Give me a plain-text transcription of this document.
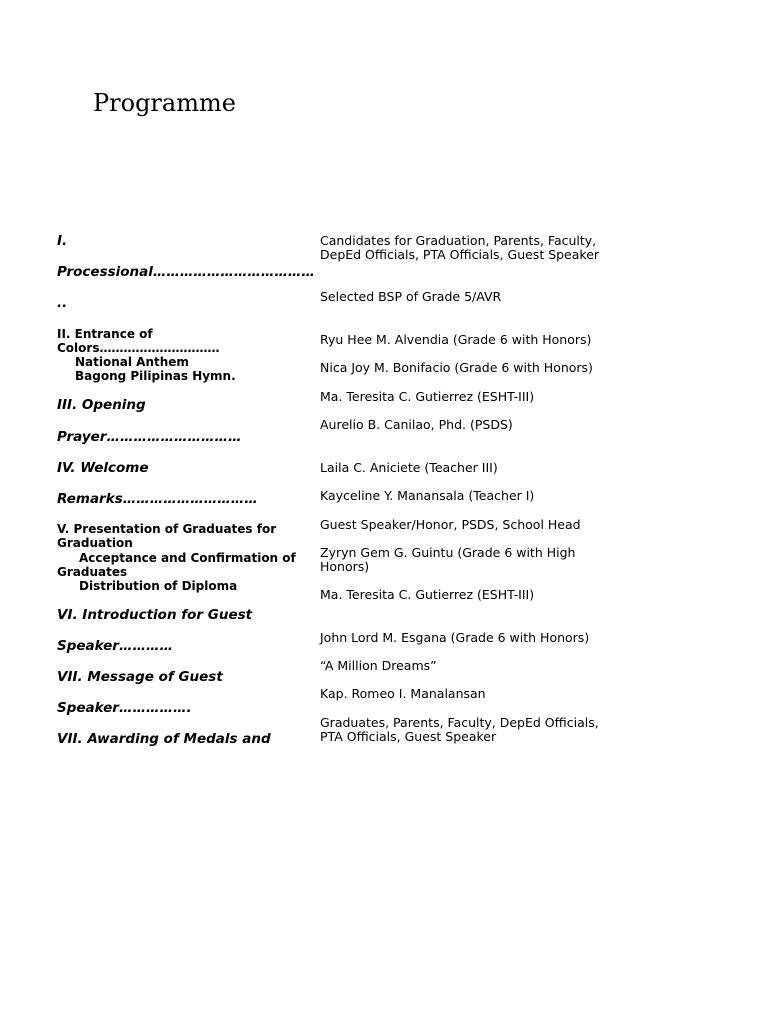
Programme
I.
Processional………………………………
..
II. Entrance of
Colors…………………………
National Anthem
Bagong Pilipinas Hymn.
III. Opening
Prayer…………………………
IV. Welcome
Remarks…………………………
V. Presentation of Graduates for
Graduation
Acceptance and Confirmation of
Graduates
Distribution of Diploma
VI. Introduction for Guest
Speaker…………
VII. Message of Guest
Speaker…………….
VII. Awarding of Medals and
Candidates for Graduation, Parents, Faculty, DepEd Officials, PTA Officials, Guest Speaker
Selected BSP of Grade 5/AVR
Ryu Hee M. Alvendia (Grade 6 with Honors)
Nica Joy M. Bonifacio (Grade 6 with Honors)
Ma. Teresita C. Gutierrez (ESHT-III)
Aurelio B. Canilao, Phd. (PSDS)
Laila C. Aniciete (Teacher III)
Kayceline Y. Manansala (Teacher I)
Guest Speaker/Honor, PSDS, School Head
Zyryn Gem G. Guintu (Grade 6 with High Honors)
Ma. Teresita C. Gutierrez (ESHT-III)
John Lord M. Esgana (Grade 6 with Honors)
“A Million Dreams”
Kap. Romeo I. Manalansan
Graduates, Parents, Faculty, DepEd Officials, PTA Officials, Guest Speaker
